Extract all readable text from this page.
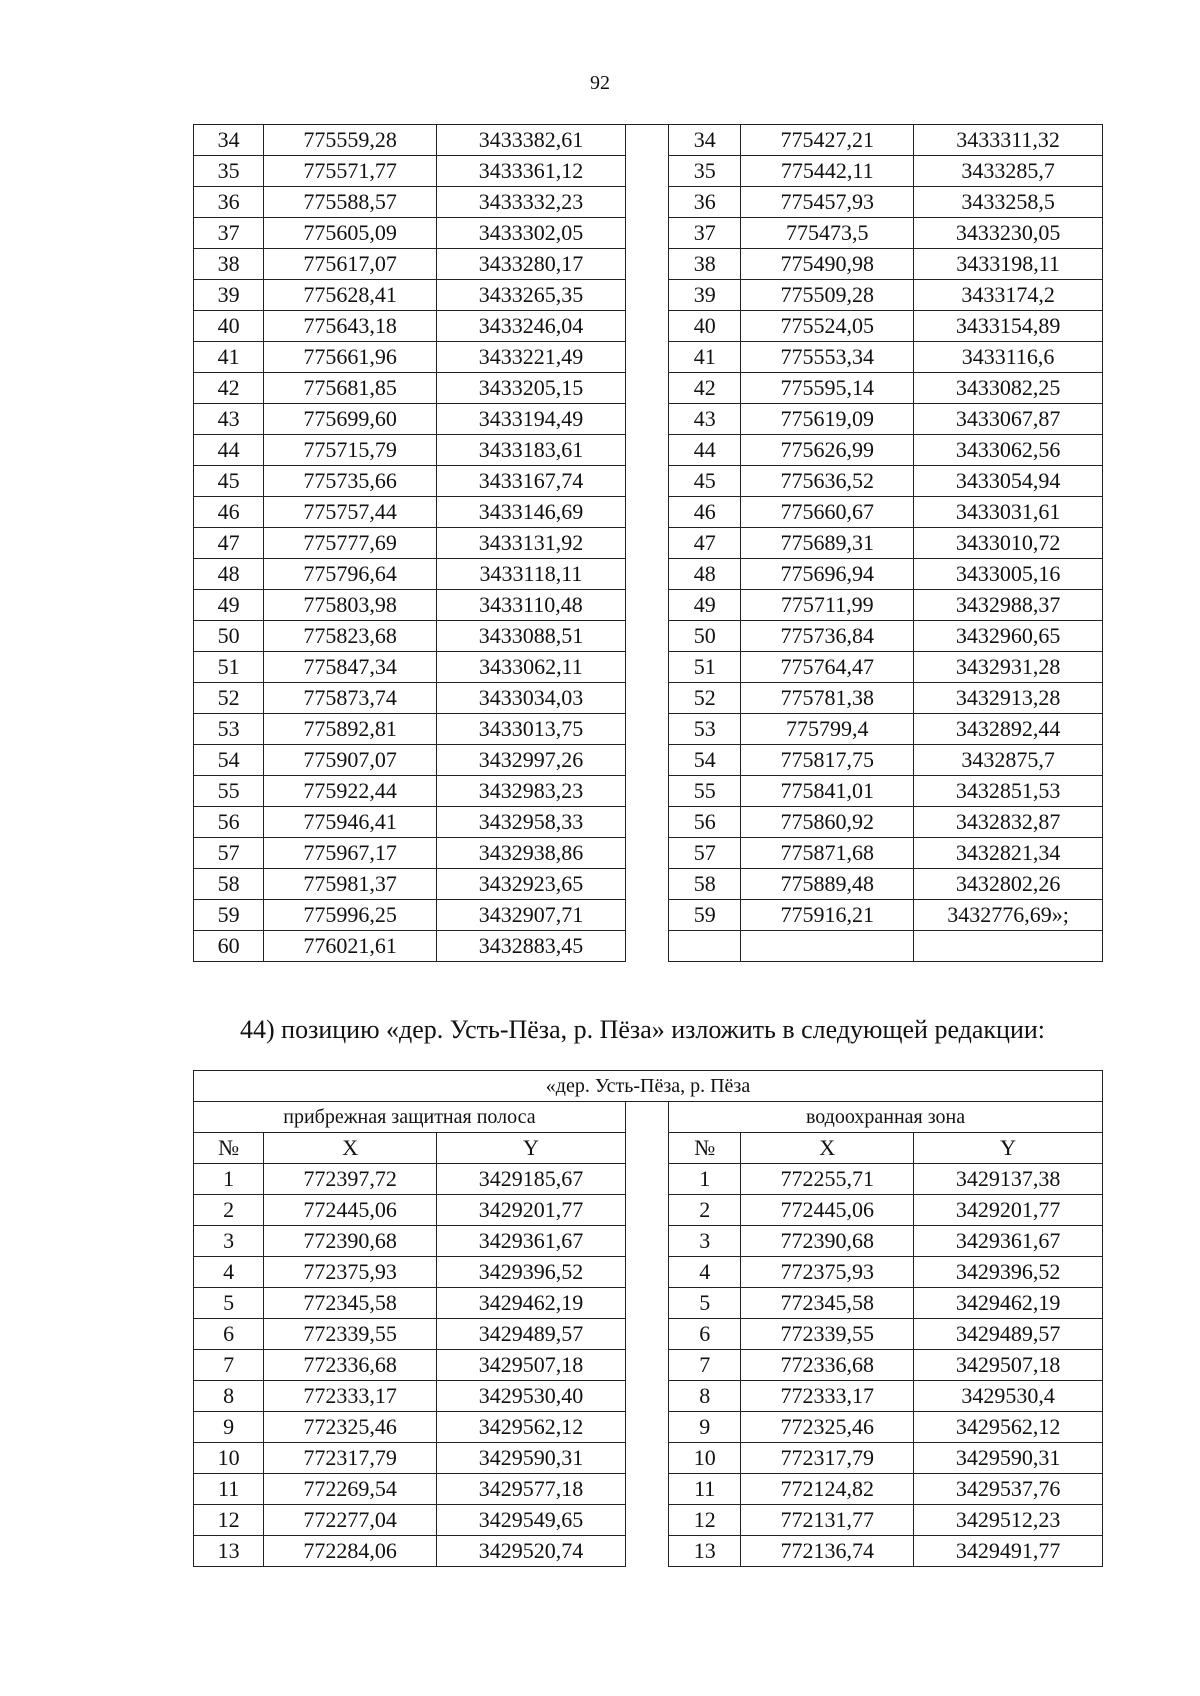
92
34	775559,28	3433382,61		34	775427,21	3433311,32
35	775571,77	3433361,12		35	775442,11	3433285,7
36	775588,57	3433332,23		36	775457,93	3433258,5
37	775605,09	3433302,05		37	775473,5	3433230,05
38	775617,07	3433280,17		38	775490,98	3433198,11
39	775628,41	3433265,35		39	775509,28	3433174,2
40	775643,18	3433246,04		40	775524,05	3433154,89
41	775661,96	3433221,49		41	775553,34	3433116,6
42	775681,85	3433205,15		42	775595,14	3433082,25
43	775699,60	3433194,49		43	775619,09	3433067,87
44	775715,79	3433183,61		44	775626,99	3433062,56
45	775735,66	3433167,74		45	775636,52	3433054,94
46	775757,44	3433146,69		46	775660,67	3433031,61
47	775777,69	3433131,92		47	775689,31	3433010,72
48	775796,64	3433118,11		48	775696,94	3433005,16
49	775803,98	3433110,48		49	775711,99	3432988,37
50	775823,68	3433088,51		50	775736,84	3432960,65
51	775847,34	3433062,11		51	775764,47	3432931,28
52	775873,74	3433034,03		52	775781,38	3432913,28
53	775892,81	3433013,75		53	775799,4	3432892,44
54	775907,07	3432997,26		54	775817,75	3432875,7
55	775922,44	3432983,23		55	775841,01	3432851,53
56	775946,41	3432958,33		56	775860,92	3432832,87
57	775967,17	3432938,86		57	775871,68	3432821,34
58	775981,37	3432923,65		58	775889,48	3432802,26
59	775996,25	3432907,71		59	775916,21	3432776,69»;
60	776021,61	3432883,45				
44) позицию «дер. Усть-Пёза, р. Пёза» изложить в следующей редакции:
«дер. Усть-Пёза, р. Пёза						
прибрежная защитная полоса				водоохранная зона		
№	X	Y		№	X	Y
1	772397,72	3429185,67		1	772255,71	3429137,38
2	772445,06	3429201,77		2	772445,06	3429201,77
3	772390,68	3429361,67		3	772390,68	3429361,67
4	772375,93	3429396,52		4	772375,93	3429396,52
5	772345,58	3429462,19		5	772345,58	3429462,19
6	772339,55	3429489,57		6	772339,55	3429489,57
7	772336,68	3429507,18		7	772336,68	3429507,18
8	772333,17	3429530,40		8	772333,17	3429530,4
9	772325,46	3429562,12		9	772325,46	3429562,12
10	772317,79	3429590,31		10	772317,79	3429590,31
11	772269,54	3429577,18		11	772124,82	3429537,76
12	772277,04	3429549,65		12	772131,77	3429512,23
13	772284,06	3429520,74		13	772136,74	3429491,77
